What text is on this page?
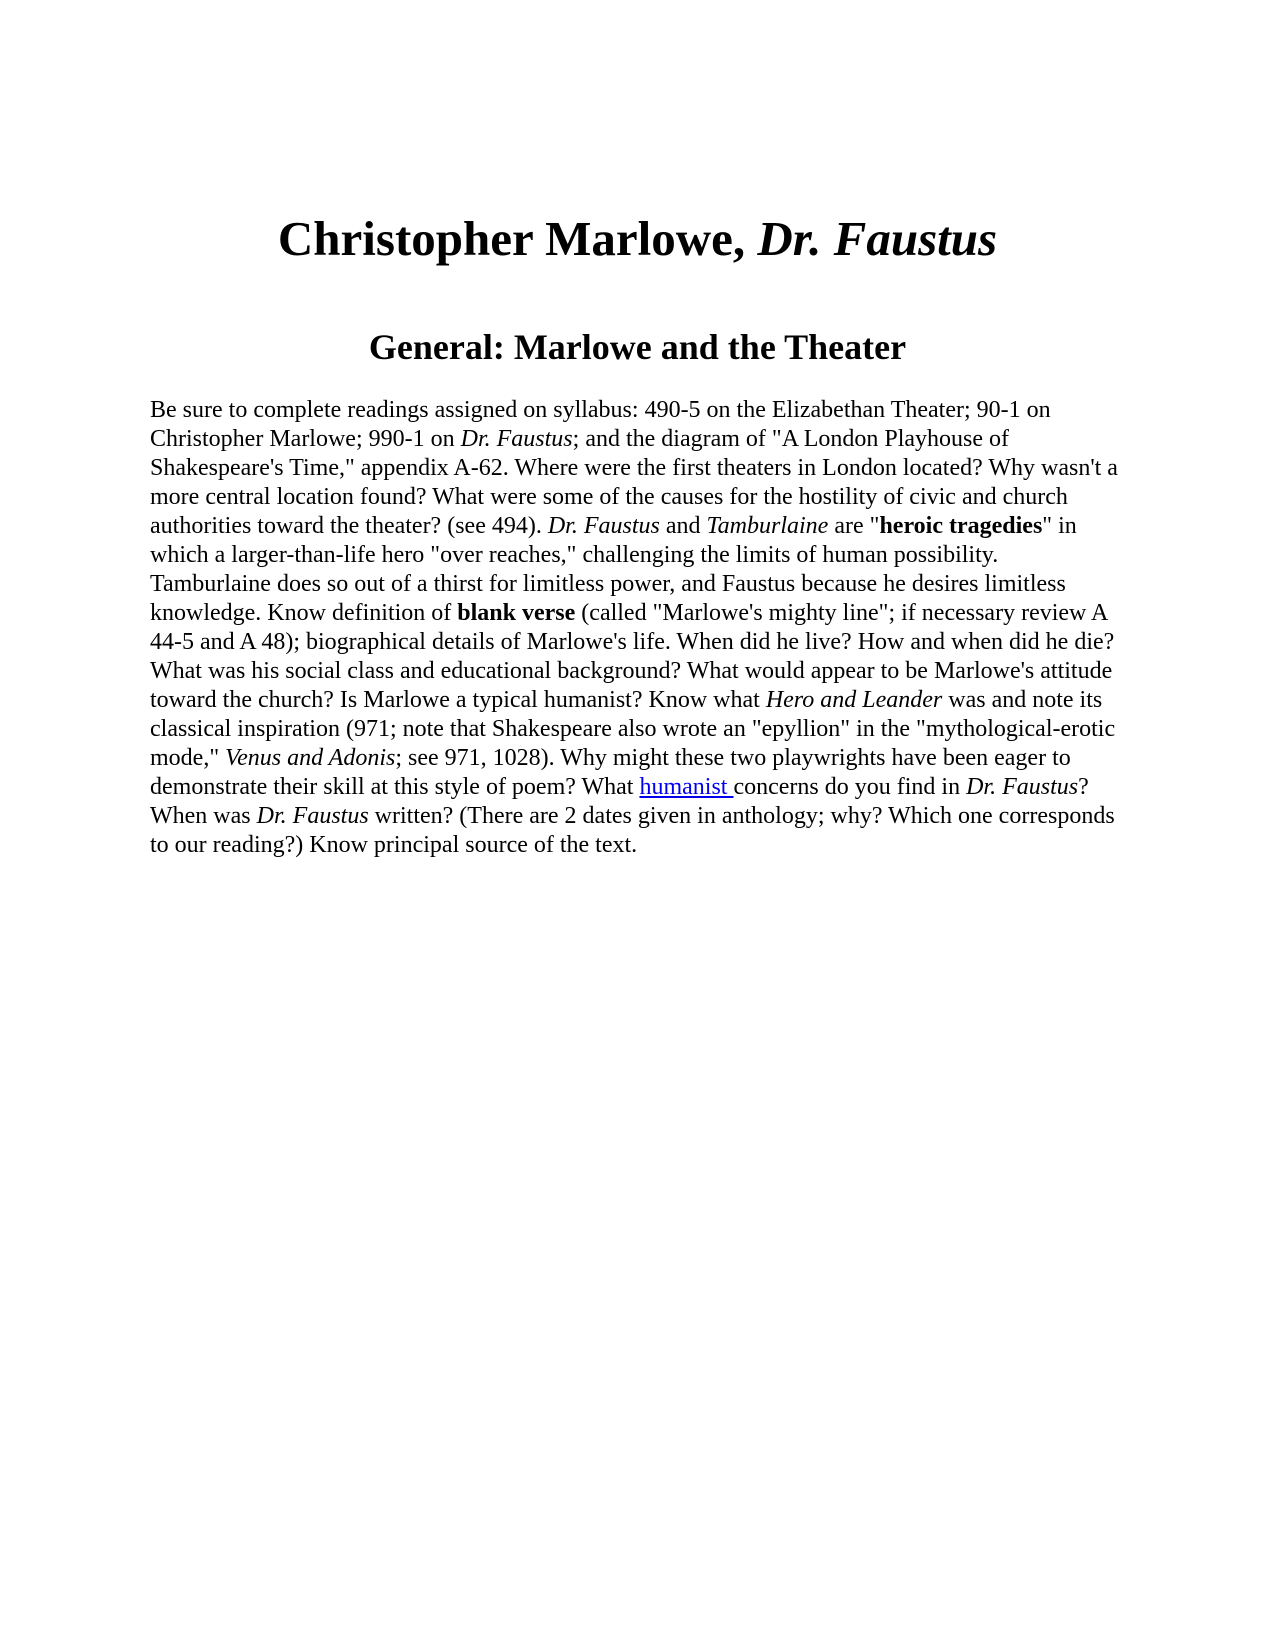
Christopher Marlowe, Dr. Faustus
General: Marlowe and the Theater

Be sure to complete readings assigned on syllabus: 490-5 on the Elizabethan Theater; 90-1 on Christopher Marlowe; 990-1 on Dr. Faustus; and the diagram of "A London Playhouse of Shakespeare's Time," appendix A-62. Where were the first theaters in London located? Why wasn't a more central location found? What were some of the causes for the hostility of civic and church authorities toward the theater? (see 494). Dr. Faustus and Tamburlaine are "heroic tragedies" in which a larger-than-life hero "over reaches," challenging the limits of human possibility. Tamburlaine does so out of a thirst for limitless power, and Faustus because he desires limitless knowledge. Know definition of blank verse (called "Marlowe's mighty line"; if necessary review A 44-5 and A 48); biographical details of Marlowe's life. When did he live? How and when did he die? What was his social class and educational background? What would appear to be Marlowe's attitude toward the church? Is Marlowe a typical humanist? Know what Hero and Leander was and note its classical inspiration (971; note that Shakespeare also wrote an "epyllion" in the "mythological-erotic mode," Venus and Adonis; see 971, 1028). Why might these two playwrights have been eager to demonstrate their skill at this style of poem? What humanist concerns do you find in Dr. Faustus? When was Dr. Faustus written? (There are 2 dates given in anthology; why? Which one corresponds to our reading?) Know principal source of the text.
